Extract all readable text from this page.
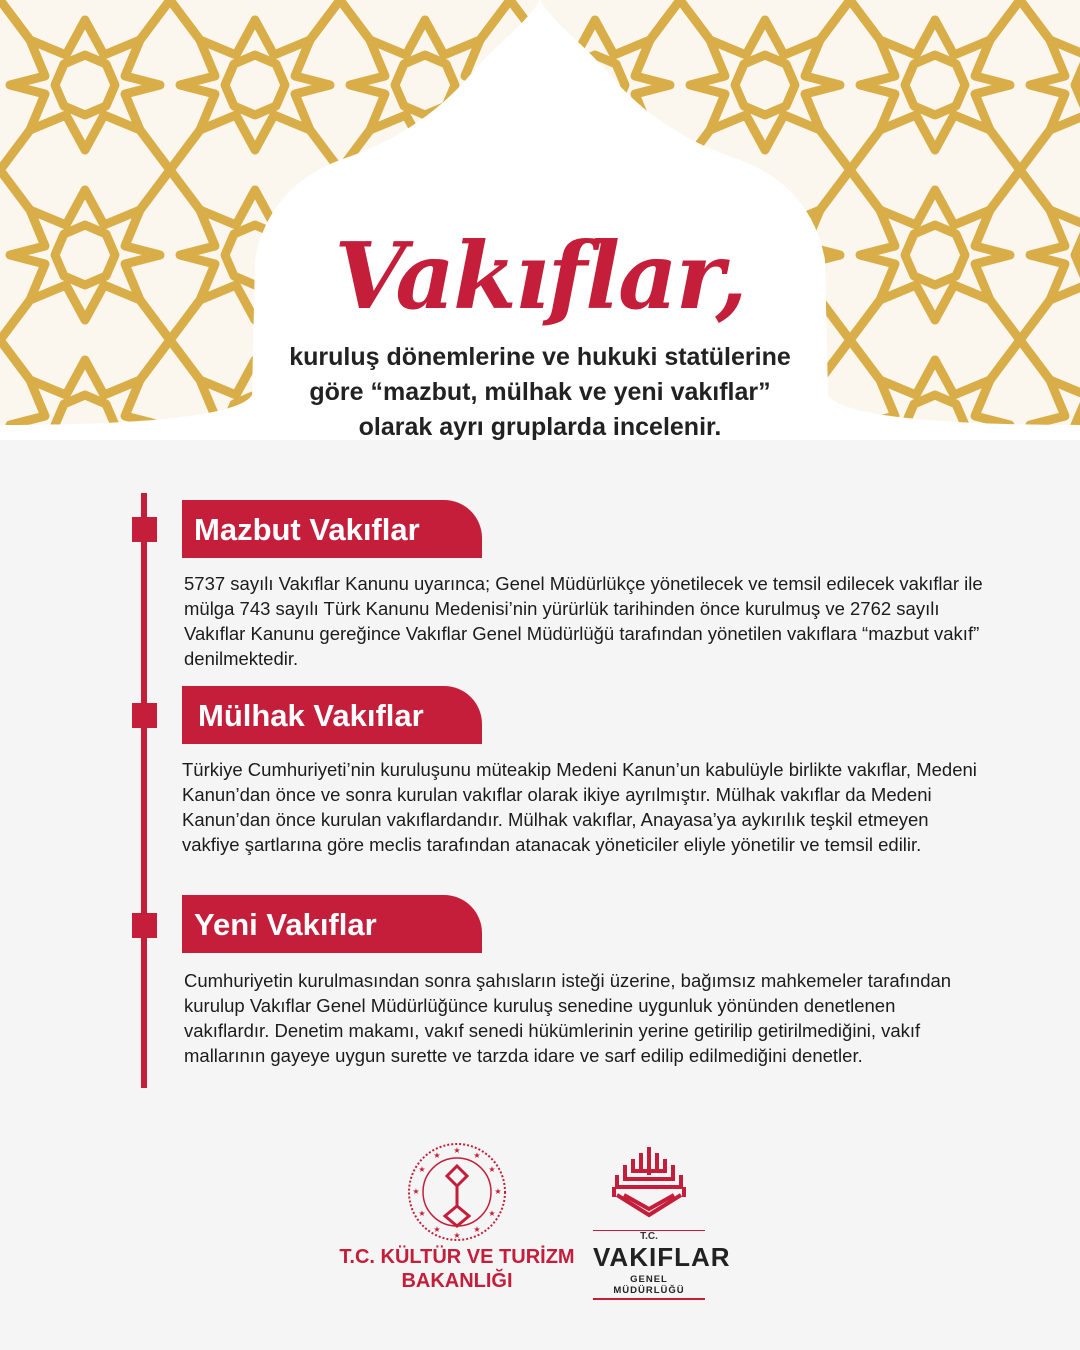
Vakıflar,
kuruluş dönemlerine ve hukuki statülerine
göre “mazbut, mülhak ve yeni vakıflar”
olarak ayrı gruplarda incelenir.
Mazbut Vakıflar
5737 sayılı Vakıflar Kanunu uyarınca; Genel Müdürlükçe yönetilecek ve temsil edilecek vakıflar ile mülga 743 sayılı Türk Kanunu Medenisi’nin yürürlük tarihinden önce kurulmuş ve 2762 sayılı Vakıflar Kanunu gereğince Vakıflar Genel Müdürlüğü tarafından yönetilen vakıflara “mazbut vakıf” denilmektedir.
Mülhak Vakıflar
Türkiye Cumhuriyeti’nin kuruluşunu müteakip Medeni Kanun’un kabulüyle birlikte vakıflar, Medeni Kanun’dan önce ve sonra kurulan vakıflar olarak ikiye ayrılmıştır. Mülhak vakıflar da Medeni Kanun’dan önce kurulan vakıflardandır. Mülhak vakıflar, Anayasa’ya aykırılık teşkil etmeyen vakfiye şartlarına göre meclis tarafından atanacak yöneticiler eliyle yönetilir ve temsil edilir.
Yeni Vakıflar
Cumhuriyetin kurulmasından sonra şahısların isteği üzerine, bağımsız mahkemeler tarafından kurulup Vakıflar Genel Müdürlüğünce kuruluş senedine uygunluk yönünden denetlenen vakıflardır. Denetim makamı, vakıf senedi hükümlerinin yerine getirilip getirilmediğini, vakıf mallarının gayeye uygun surette ve tarzda idare ve sarf edilip edilmediğini denetler.
★
★
★
★
★
★
★
★
★
★
★
★
T.C. KÜLTÜR VE TURİZM BAKANLIĞI
T.C.
VAKIFLAR
GENEL MÜDÜRLÜĞÜ
